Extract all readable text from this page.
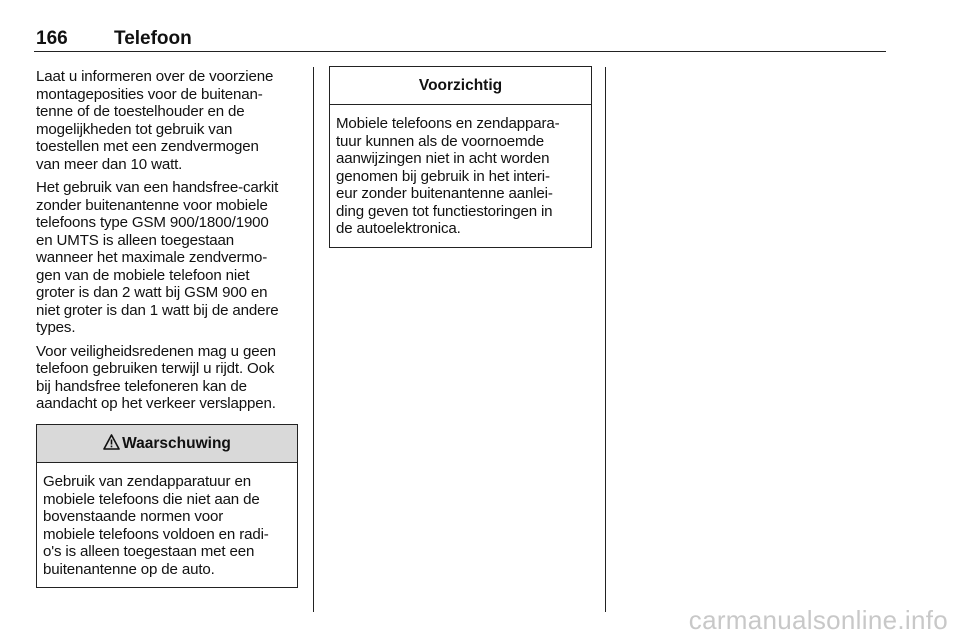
166 Telefoon

Laat u informeren over de voorziene
montageposities voor de buitenan-
tenne of de toestelhouder en de
mogelijkheden tot gebruik van
toestellen met een zendvermogen
van meer dan 10 watt.

Het gebruik van een handsfree-carkit
zonder buitenantenne voor mobiele
telefoons type GSM 900/1800/1900
en UMTS is alleen toegestaan
wanneer het maximale zendvermo-
gen van de mobiele telefoon niet
groter is dan 2 watt bij GSM 900 en
niet groter is dan 1 watt bij de andere
types.

Voor veiligheidsredenen mag u geen
telefoon gebruiken terwijl u rijdt. Ook
bij handsfree telefoneren kan de
aandacht op het verkeer verslappen.

Waarschuwing
Gebruik van zendapparatuur en
mobiele telefoons die niet aan de
bovenstaande normen voor
mobiele telefoons voldoen en radi-
o's is alleen toegestaan met een
buitenantenne op de auto.
Voorzichtig
Mobiele telefoons en zendappara-
tuur kunnen als de voornoemde
aanwijzingen niet in acht worden
genomen bij gebruik in het interi-
eur zonder buitenantenne aanlei-
ding geven tot functiestoringen in
de autoelektronica.
carmanualsonline.info
